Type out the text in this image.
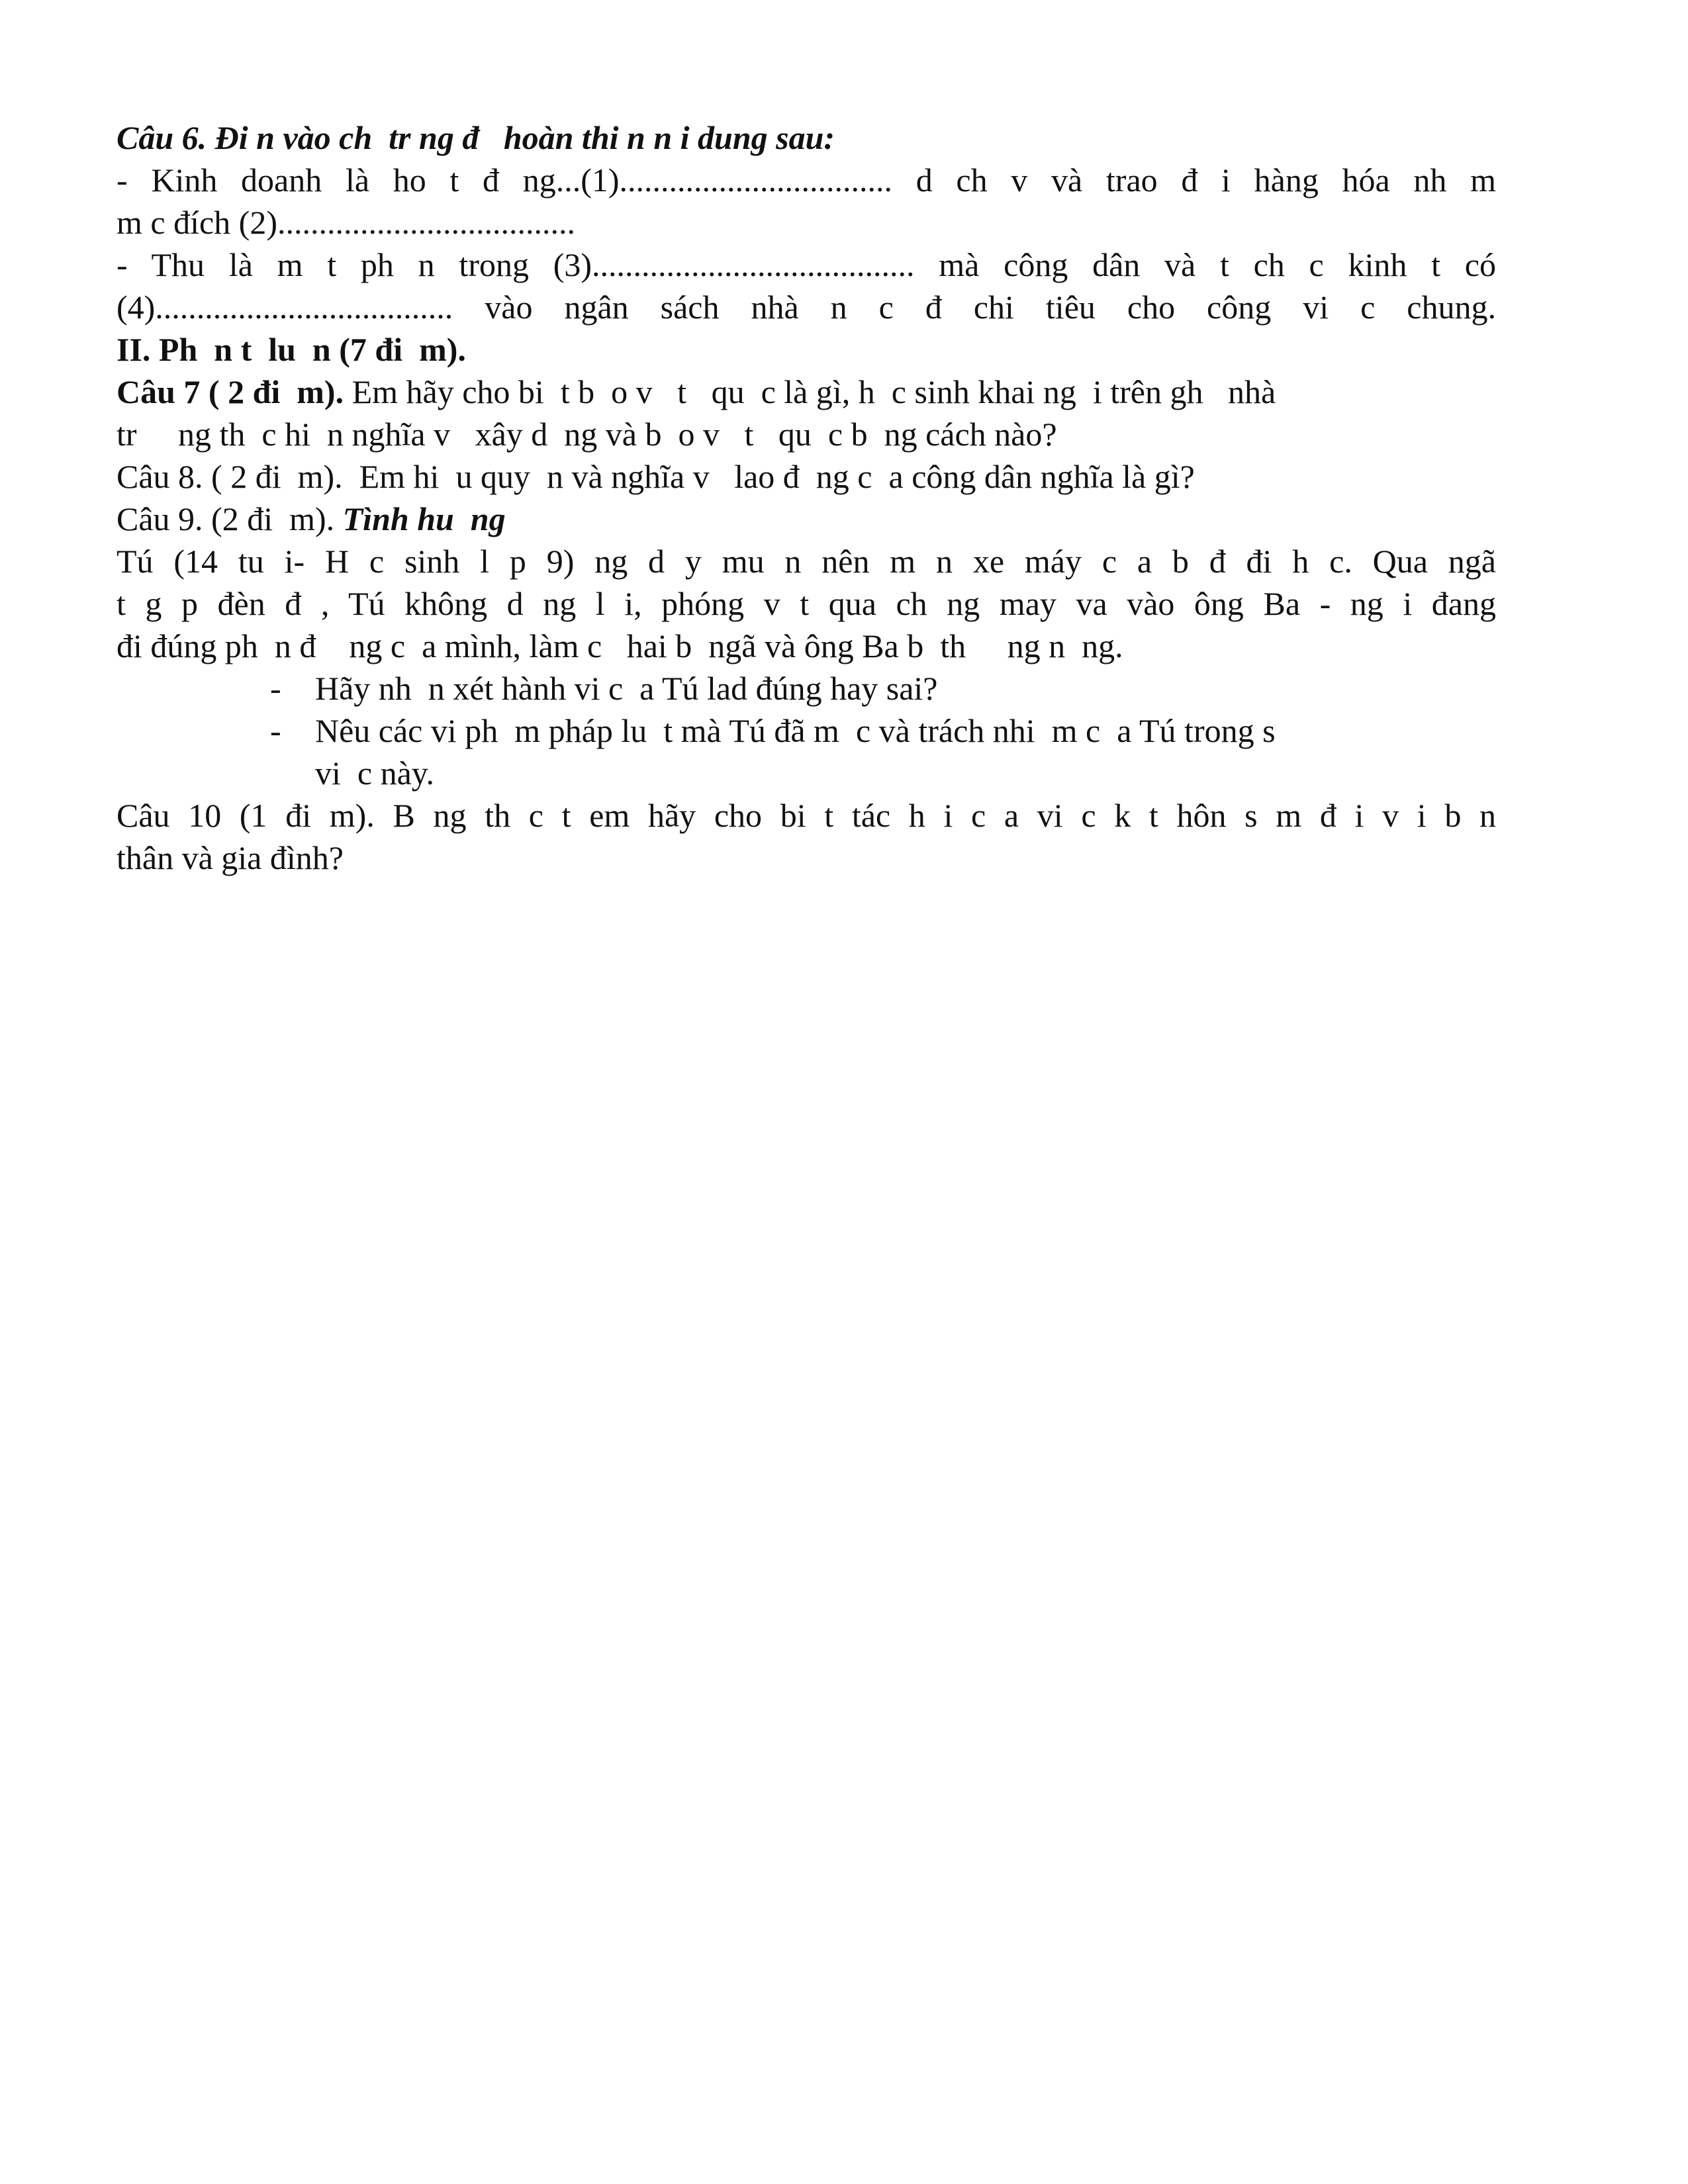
Câu 6. Đi n vào ch  tr ng đ   hoàn thi n n i dung sau:
- Kinh doanh là ho t đ ng...(1)................................. d ch v và trao đ i hàng hóa nh m
m c đích (2)....................................
- Thu là m t ph n trong (3)....................................... mà công dân và t ch c kinh t có
(4).................................... vào ngân sách nhà n c đ chi tiêu cho công vi c chung.
II. Ph  n t  lu  n (7 đi  m).
Câu 7 ( 2 đi  m). Em hãy cho bi  t b  o v   t   qu  c là gì, h  c sinh khai ng  i trên gh   nhà
tr     ng th  c hi  n nghĩa v   xây d  ng và b  o v   t   qu  c b  ng cách nào?
Câu 8. ( 2 đi  m).  Em hi  u quy  n và nghĩa v   lao đ  ng c  a công dân nghĩa là gì?
Câu 9. (2 đi  m). Tình hu  ng
Tú (14 tu i- H c sinh l p 9) ng d y mu n nên m n xe máy c a b đ đi h c. Qua ngã
t g p đèn đ , Tú không d ng l i, phóng v t qua ch ng may va vào ông Ba - ng i đang
đi đúng ph  n đ    ng c  a mình, làm c   hai b  ngã và ông Ba b  th     ng n  ng.
- Hãy nh  n xét hành vi c  a Tú lad đúng hay sai?
- Nêu các vi ph  m pháp lu  t mà Tú đã m  c và trách nhi  m c  a Tú trong s
vi  c này.
Câu 10 (1 đi m). B ng th c t em hãy cho bi t tác h i c a vi c k t hôn s m đ i v i b n
thân và gia đình?
